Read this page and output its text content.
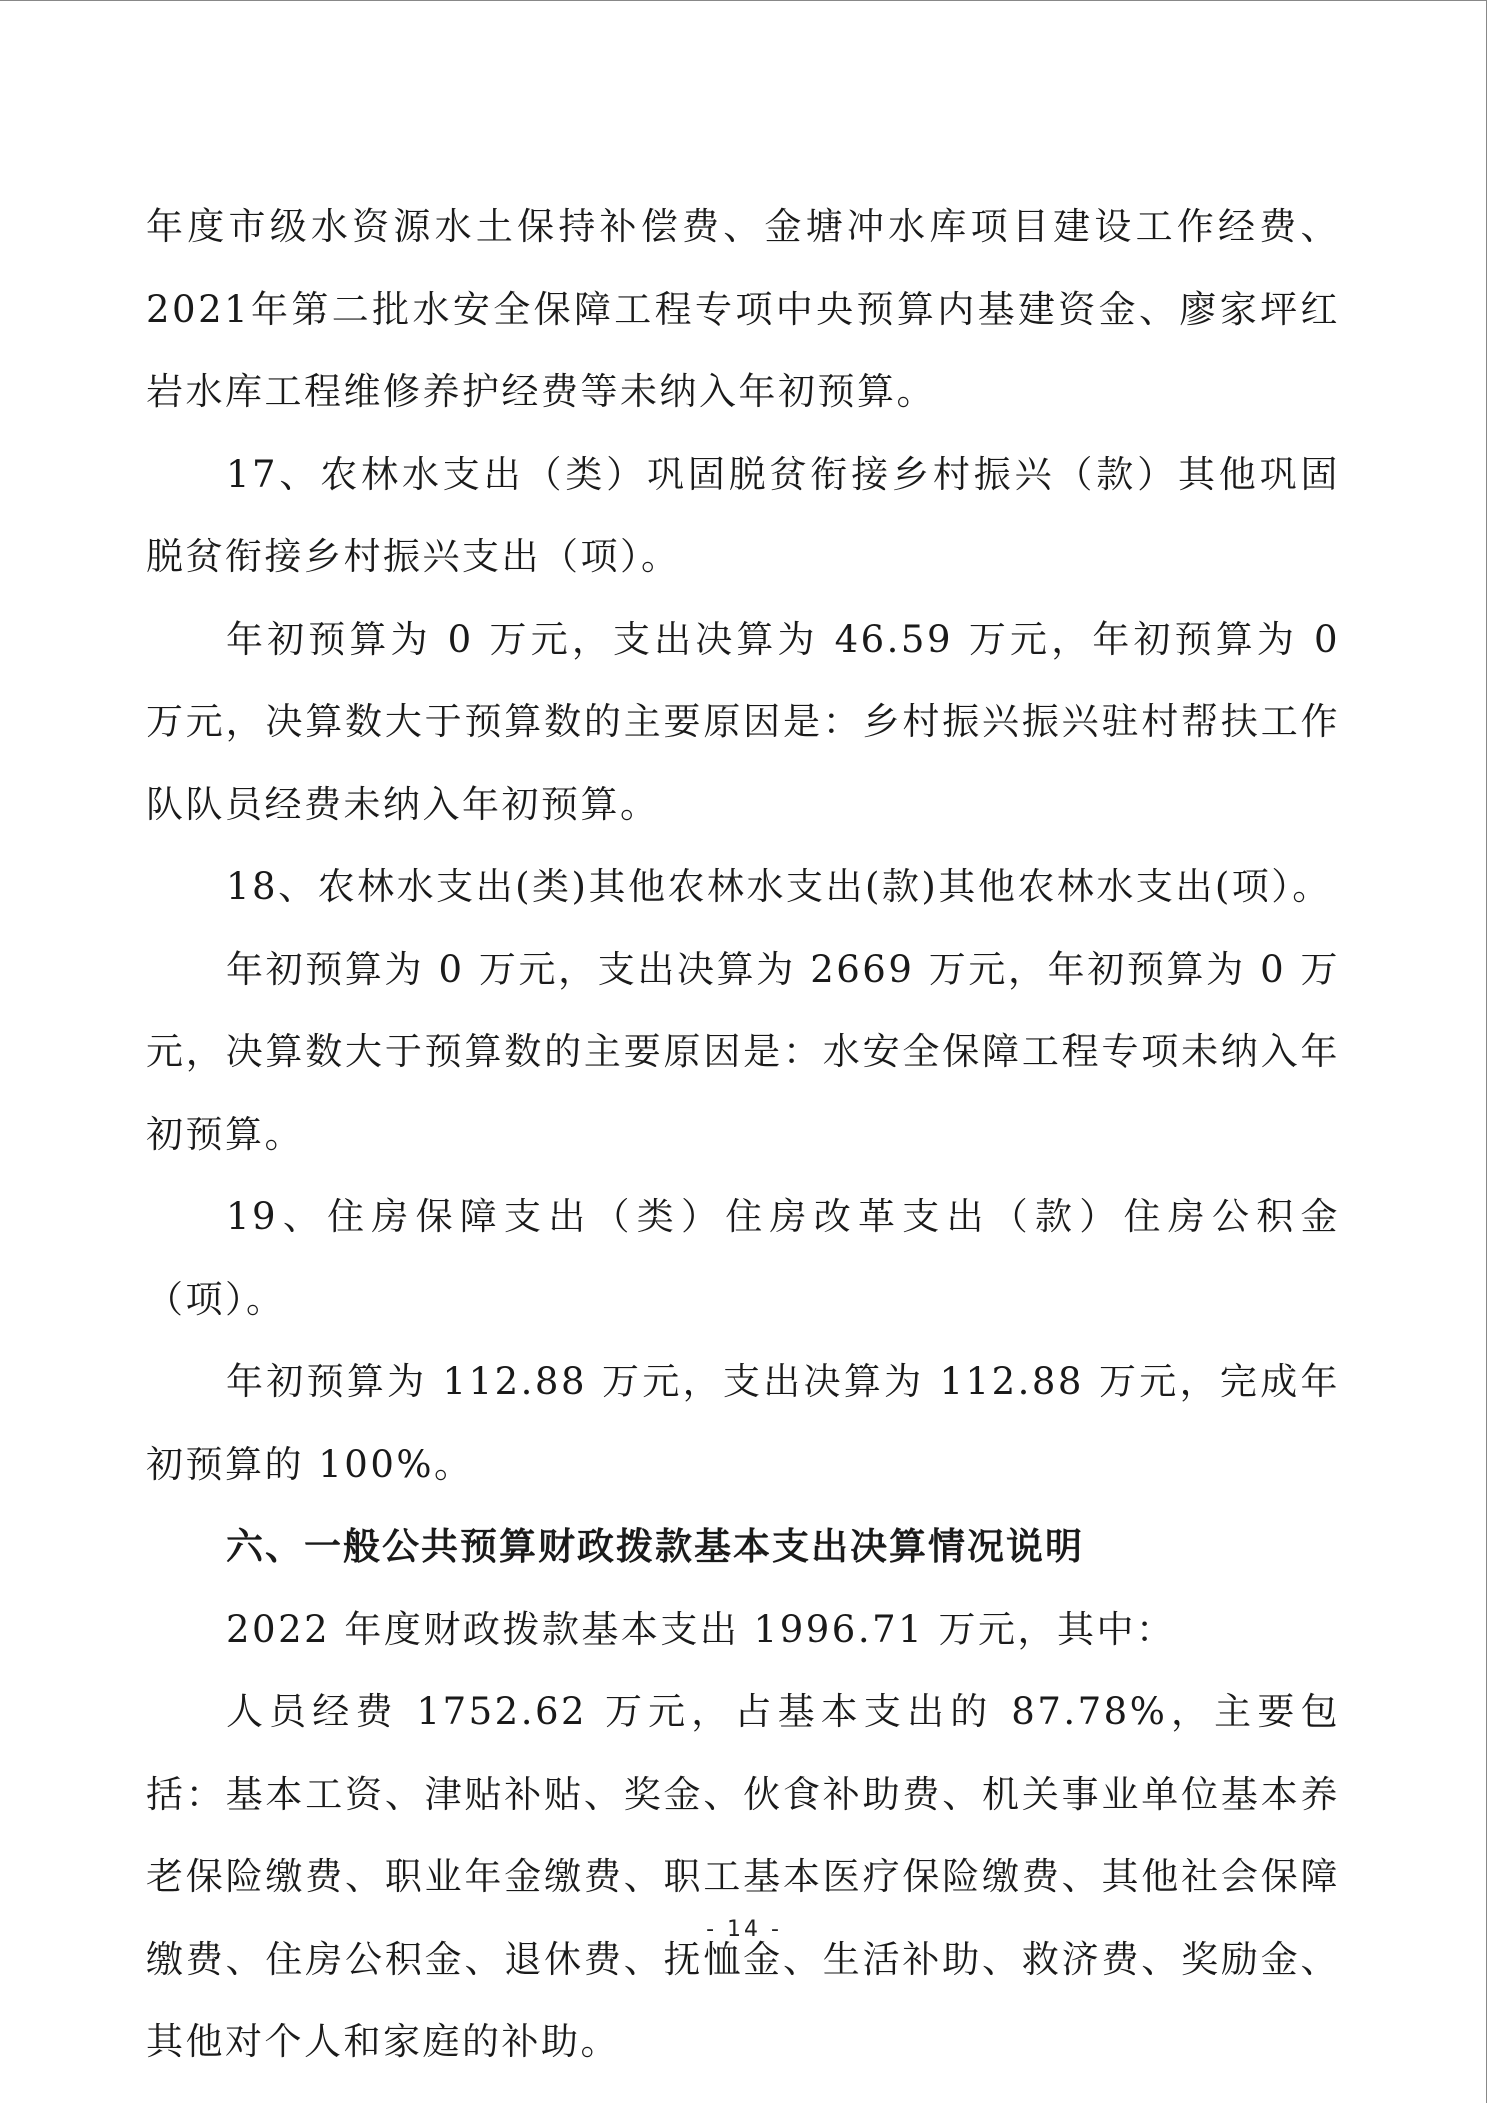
年度市级水资源水土保持补偿费、金塘冲水库项目建设工作经费、2021年第二批水安全保障工程专项中央预算内基建资金、廖家坪红岩水库工程维修养护经费等未纳入年初预算。

17、农林水支出（类）巩固脱贫衔接乡村振兴（款）其他巩固脱贫衔接乡村振兴支出（项）。

年初预算为 0 万元，支出决算为 46.59 万元，年初预算为 0 万元，决算数大于预算数的主要原因是：乡村振兴振兴驻村帮扶工作队队员经费未纳入年初预算。

18、农林水支出(类)其他农林水支出(款)其他农林水支出(项）。

年初预算为 0 万元，支出决算为 2669 万元，年初预算为 0 万元，决算数大于预算数的主要原因是：水安全保障工程专项未纳入年初预算。

19、住房保障支出（类）住房改革支出（款）住房公积金（项）。

年初预算为 112.88 万元，支出决算为 112.88 万元，完成年初预算的 100%。

六、一般公共预算财政拨款基本支出决算情况说明

2022 年度财政拨款基本支出 1996.71 万元，其中：

人员经费 1752.62 万元，占基本支出的 87.78%，主要包括：基本工资、津贴补贴、奖金、伙食补助费、机关事业单位基本养老保险缴费、职业年金缴费、职工基本医疗保险缴费、其他社会保障缴费、住房公积金、退休费、抚恤金、生活补助、救济费、奖励金、其他对个人和家庭的补助。

- 14 -
